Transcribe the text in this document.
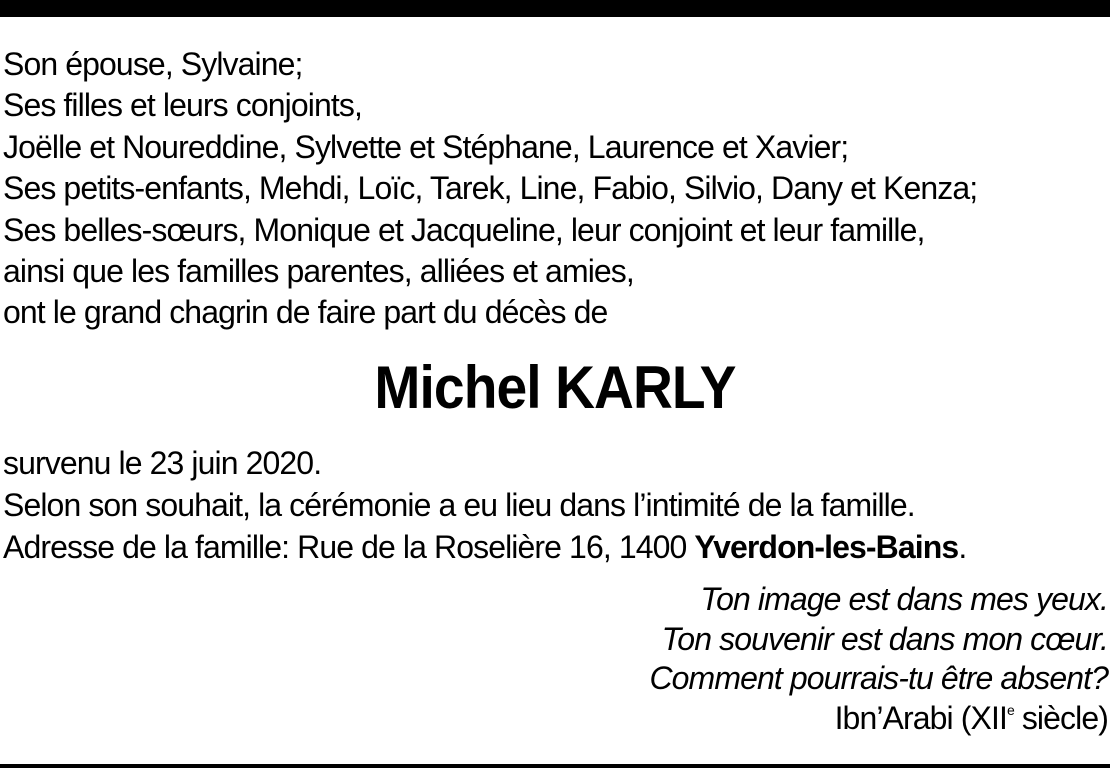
Son épouse, Sylvaine;
Ses filles et leurs conjoints,
Joëlle et Noureddine, Sylvette et Stéphane, Laurence et Xavier;
Ses petits-enfants, Mehdi, Loïc, Tarek, Line, Fabio, Silvio, Dany et Kenza;
Ses belles-sœurs, Monique et Jacqueline, leur conjoint et leur famille,
ainsi que les familles parentes, alliées et amies,
ont le grand chagrin de faire part du décès de
Michel KARLY
survenu le 23 juin 2020.
Selon son souhait, la cérémonie a eu lieu dans l’intimité de la famille.
Adresse de la famille: Rue de la Roselière 16, 1400 Yverdon-les-Bains.
Ton image est dans mes yeux.
Ton souvenir est dans mon cœur.
Comment pourrais-tu être absent?
Ibn’Arabi (XIIe siècle)
